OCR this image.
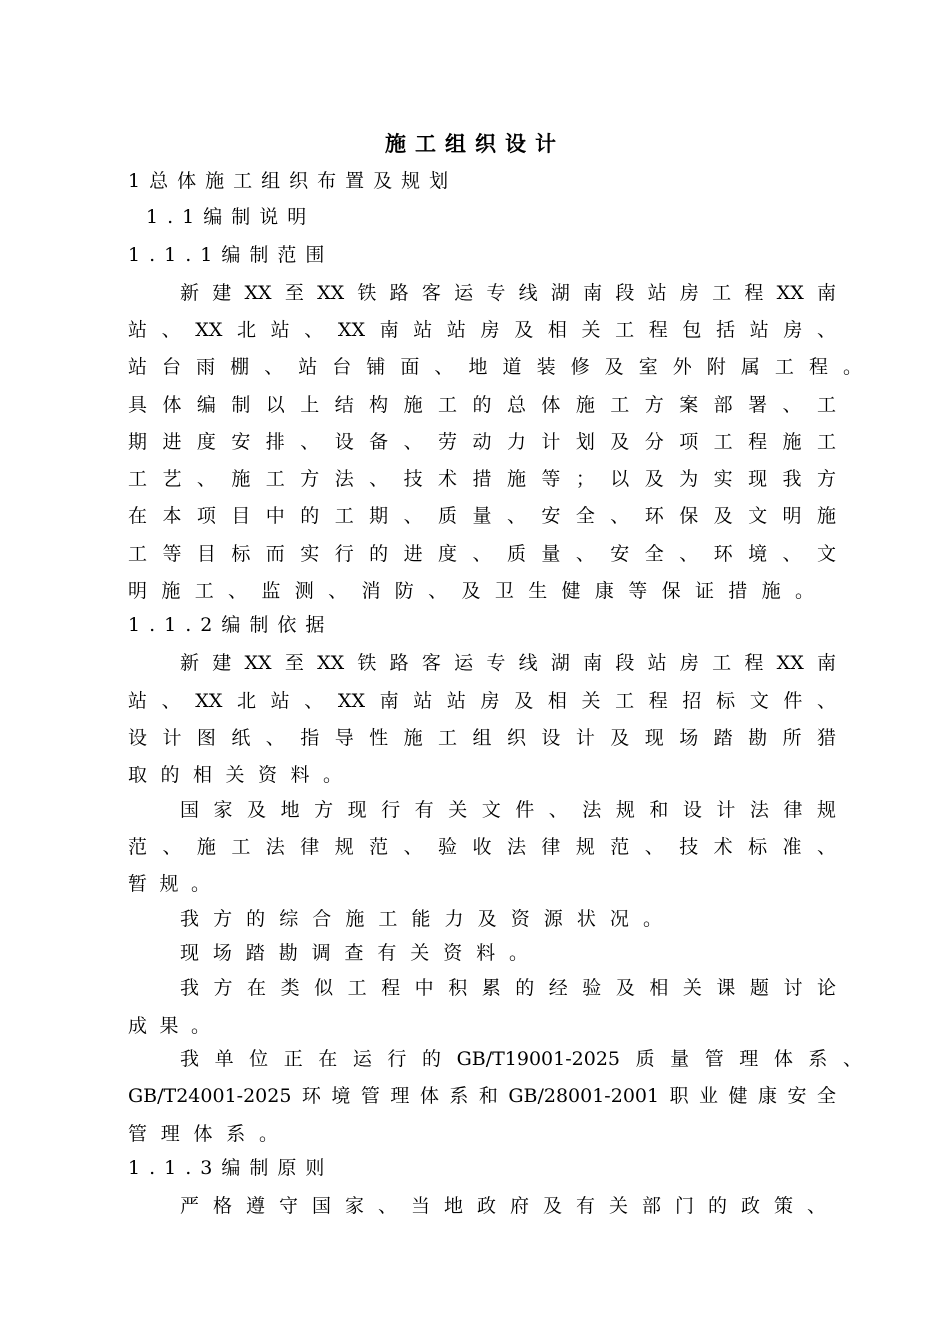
施工组织设计
1总体施工组织布置及规划
1.1编制说明
1.1.1编制范围
新建XX至XX铁路客运专线湖南段站房工程XX南
站、XX北站、XX南站站房及相关工程包括站房、
站台雨棚、站台铺面、地道装修及室外附属工程。
具体编制以上结构施工的总体施工方案部署、工
期进度安排、设备、劳动力计划及分项工程施工
工艺、施工方法、技术措施等；以及为实现我方
在本项目中的工期、质量、安全、环保及文明施
工等目标而实行的进度、质量、安全、环境、文
明施工、监测、消防、及卫生健康等保证措施。
1.1.2编制依据
新建XX至XX铁路客运专线湖南段站房工程XX南
站、XX北站、XX南站站房及相关工程招标文件、
设计图纸、指导性施工组织设计及现场踏勘所猎
取的相关资料。
国家及地方现行有关文件、法规和设计法律规
范、施工法律规范、验收法律规范、技术标准、
暂规。
我方的综合施工能力及资源状况。
现场踏勘调查有关资料。
我方在类似工程中积累的经验及相关课题讨论
成果。
我单位正在运行的GB/T19001-2025质量管理体系、
GB/T24001-2025环境管理体系和GB/28001-2001职业健康安全
管理体系。
1.1.3编制原则
严格遵守国家、当地政府及有关部门的政策、
